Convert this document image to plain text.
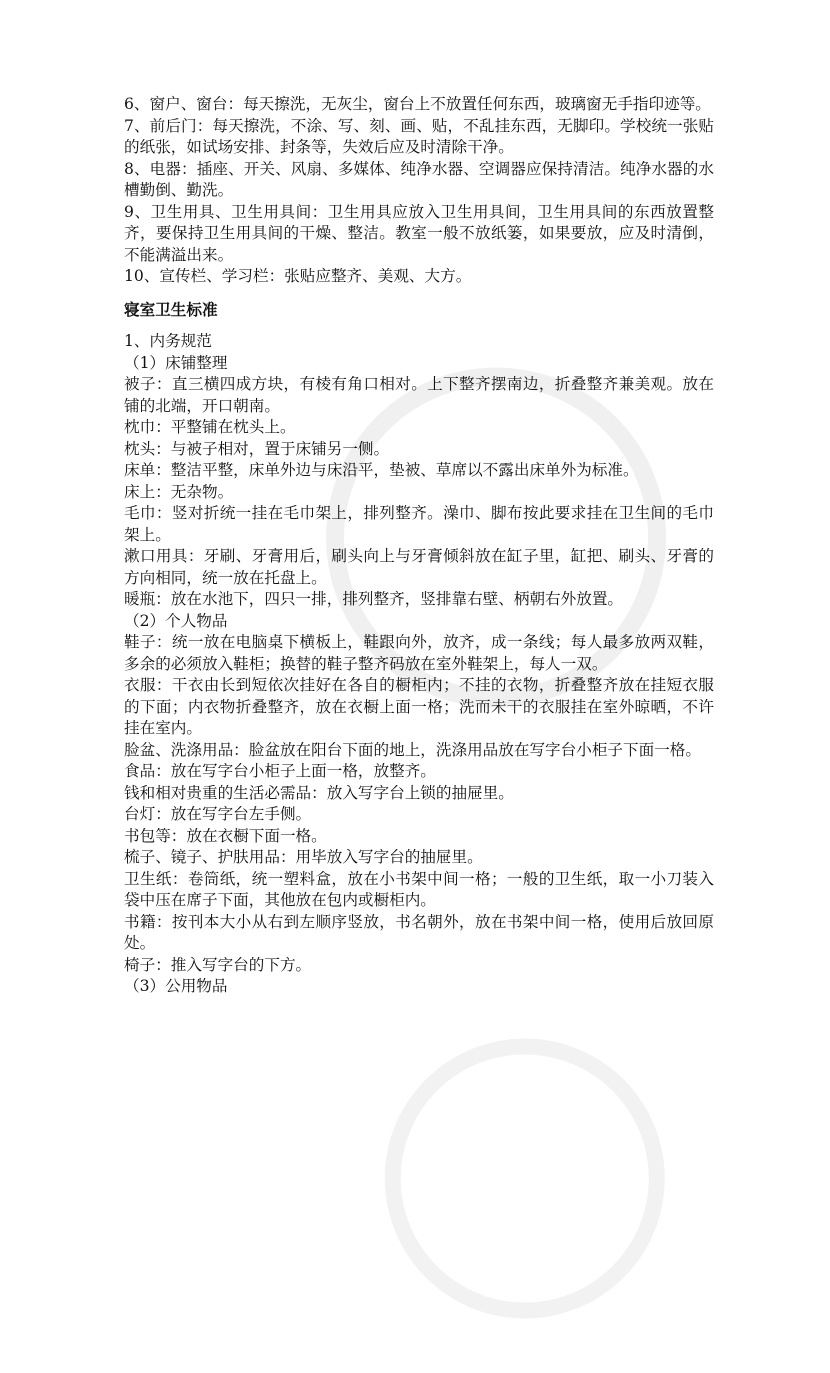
6、窗户、窗台：每天擦洗，无灰尘，窗台上不放置任何东西，玻璃窗无手指印迹等。

7、前后门：每天擦洗，不涂、写、刻、画、贴，不乱挂东西，无脚印。学校统一张贴的纸张，如试场安排、封条等，失效后应及时清除干净。

8、电器：插座、开关、风扇、多媒体、纯净水器、空调器应保持清洁。纯净水器的水槽勤倒、勤洗。

9、卫生用具、卫生用具间：卫生用具应放入卫生用具间，卫生用具间的东西放置整齐，要保持卫生用具间的干燥、整洁。教室一般不放纸篓，如果要放，应及时清倒，不能满溢出来。

10、宣传栏、学习栏：张贴应整齐、美观、大方。

寝室卫生标准

1、内务规范

（1）床铺整理

被子：直三横四成方块，有棱有角口相对。上下整齐摆南边，折叠整齐兼美观。放在铺的北端，开口朝南。

枕巾：平整铺在枕头上。

枕头：与被子相对，置于床铺另一侧。

床单：整洁平整，床单外边与床沿平，垫被、草席以不露出床单外为标准。

床上：无杂物。

毛巾：竖对折统一挂在毛巾架上，排列整齐。澡巾、脚布按此要求挂在卫生间的毛巾架上。

漱口用具：牙刷、牙膏用后，刷头向上与牙膏倾斜放在缸子里，缸把、刷头、牙膏的方向相同，统一放在托盘上。

暖瓶：放在水池下，四只一排，排列整齐，竖排靠右壁、柄朝右外放置。

（2）个人物品

鞋子：统一放在电脑桌下横板上，鞋跟向外，放齐，成一条线；每人最多放两双鞋，多余的必须放入鞋柜；换替的鞋子整齐码放在室外鞋架上，每人一双。

衣服：干衣由长到短依次挂好在各自的橱柜内；不挂的衣物，折叠整齐放在挂短衣服的下面；内衣物折叠整齐，放在衣橱上面一格；洗而未干的衣服挂在室外晾晒，不许挂在室内。

脸盆、洗涤用品：脸盆放在阳台下面的地上，洗涤用品放在写字台小柜子下面一格。

食品：放在写字台小柜子上面一格，放整齐。

钱和相对贵重的生活必需品：放入写字台上锁的抽屉里。

台灯：放在写字台左手侧。

书包等：放在衣橱下面一格。

梳子、镜子、护肤用品：用毕放入写字台的抽屉里。

卫生纸：卷筒纸，统一塑料盒，放在小书架中间一格；一般的卫生纸，取一小刀装入袋中压在席子下面，其他放在包内或橱柜内。

书籍：按刊本大小从右到左顺序竖放，书名朝外，放在书架中间一格，使用后放回原处。

椅子：推入写字台的下方。

（3）公用物品
